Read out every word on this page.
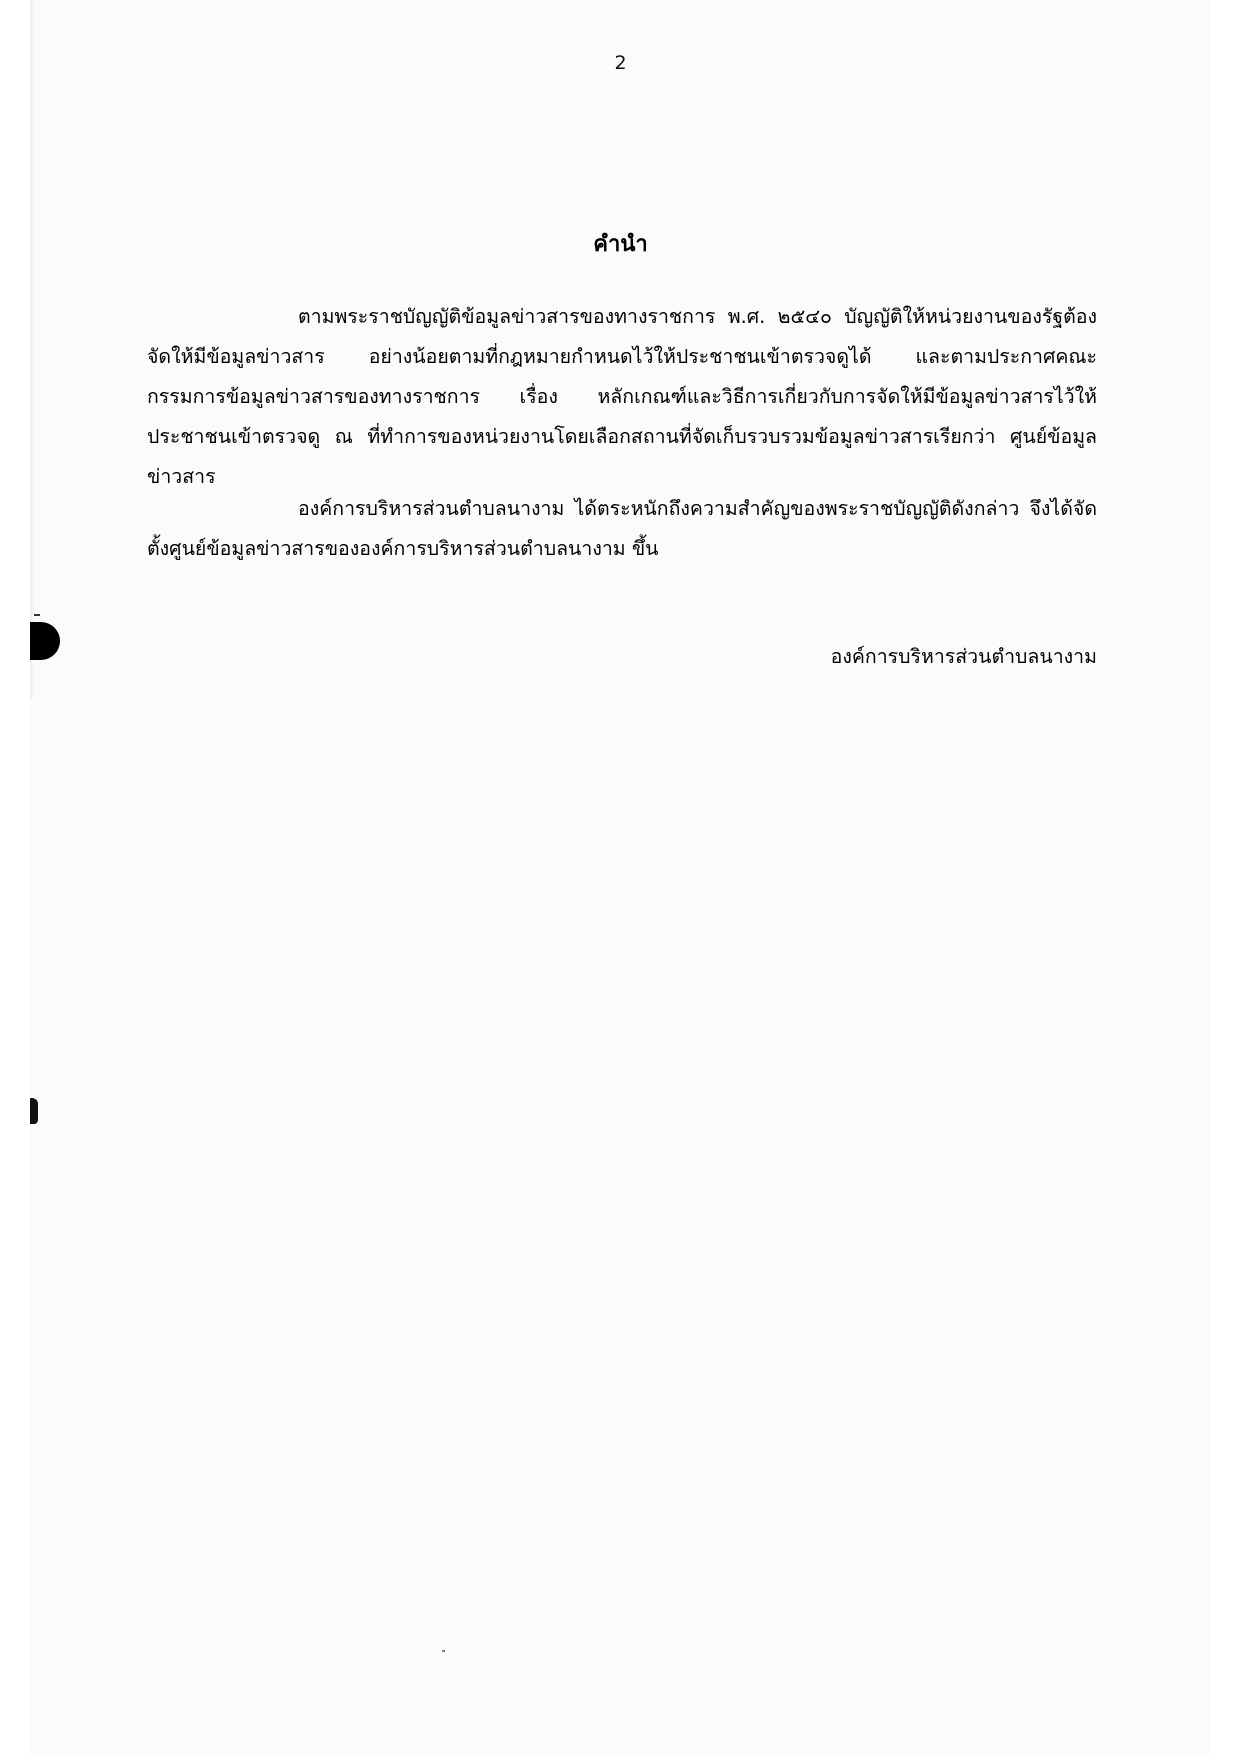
2
คำนำ

ตามพระราชบัญญัติข้อมูลข่าวสารของทางราชการ พ.ศ. ๒๕๔๐ บัญญัติให้หน่วยงานของรัฐต้องจัดให้มีข้อมูลข่าวสาร อย่างน้อยตามที่กฎหมายกำหนดไว้ให้ประชาชนเข้าตรวจดูได้ และตามประกาศคณะกรรมการข้อมูลข่าวสารของทางราชการ เรื่อง หลักเกณฑ์และวิธีการเกี่ยวกับการจัดให้มีข้อมูลข่าวสารไว้ให้ประชาชนเข้าตรวจดู ณ ที่ทำการของหน่วยงานโดยเลือกสถานที่จัดเก็บรวบรวมข้อมูลข่าวสารเรียกว่า ศูนย์ข้อมูลข่าวสาร

องค์การบริหารส่วนตำบลนางาม ได้ตระหนักถึงความสำคัญของพระราชบัญญัติดังกล่าว จึงได้จัดตั้งศูนย์ข้อมูลข่าวสารขององค์การบริหารส่วนตำบลนางาม ขึ้น

องค์การบริหารส่วนตำบลนางาม
